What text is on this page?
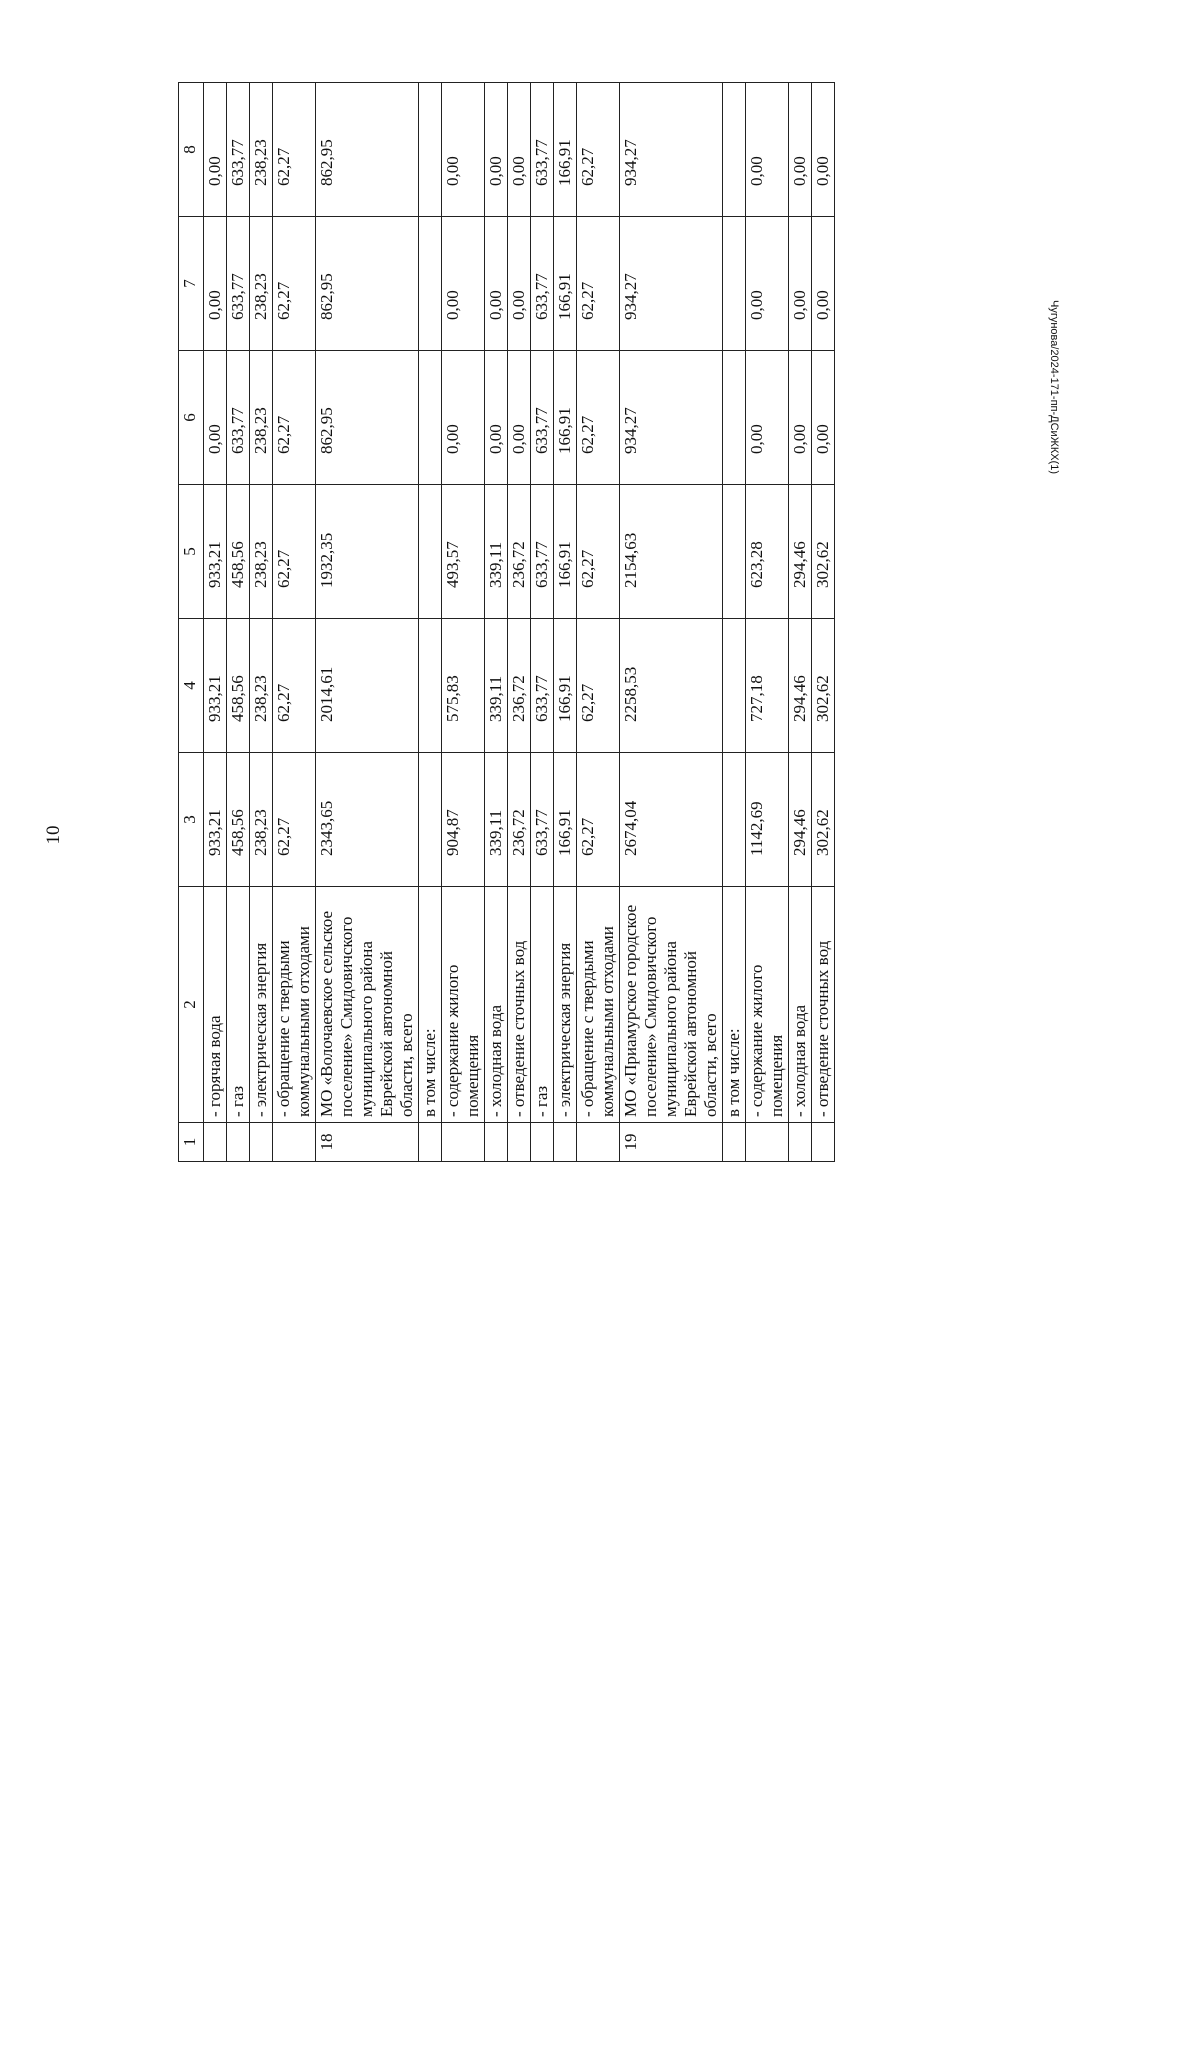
10
Чугунова/2024-171-пп-ДСиЖКХ(1)
1	2	3	4	5	6	7	8
	- горячая вода	933,21	933,21	933,21	0,00	0,00	0,00
	- газ	458,56	458,56	458,56	633,77	633,77	633,77
	- электрическая энергия	238,23	238,23	238,23	238,23	238,23	238,23
	- обращение с твердыми коммунальными отходами	62,27	62,27	62,27	62,27	62,27	62,27
18	МО «Волочаевское сельское поселение» Смидовичского муниципального района Еврейской автономной области, всего	2343,65	2014,61	1932,35	862,95	862,95	862,95
	в том числе:						
	- содержание жилого помещения	904,87	575,83	493,57	0,00	0,00	0,00
	- холодная вода	339,11	339,11	339,11	0,00	0,00	0,00
	- отведение сточных вод	236,72	236,72	236,72	0,00	0,00	0,00
	- газ	633,77	633,77	633,77	633,77	633,77	633,77
	- электрическая энергия	166,91	166,91	166,91	166,91	166,91	166,91
	- обращение с твердыми коммунальными отходами	62,27	62,27	62,27	62,27	62,27	62,27
19	МО «Приамурское городское поселение» Смидовичского муниципального района Еврейской автономной области, всего	2674,04	2258,53	2154,63	934,27	934,27	934,27
	в том числе:						
	- содержание жилого помещения	1142,69	727,18	623,28	0,00	0,00	0,00
	- холодная вода	294,46	294,46	294,46	0,00	0,00	0,00
	- отведение сточных вод	302,62	302,62	302,62	0,00	0,00	0,00
